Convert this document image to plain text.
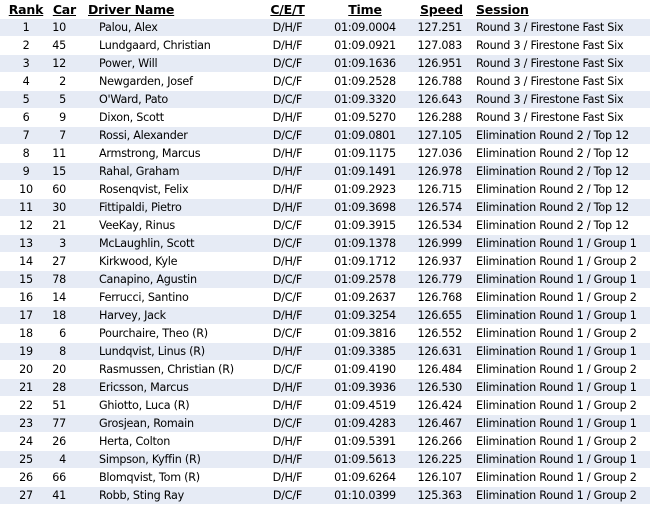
Rank	Car	Driver Name	C/E/T	Time	Speed	Session
1	10	Palou, Alex	D/H/F	01:09.0004	127.251	Round 3 / Firestone Fast Six
2	45	Lundgaard, Christian	D/H/F	01:09.0921	127.083	Round 3 / Firestone Fast Six
3	12	Power, Will	D/C/F	01:09.1636	126.951	Round 3 / Firestone Fast Six
4	2	Newgarden, Josef	D/C/F	01:09.2528	126.788	Round 3 / Firestone Fast Six
5	5	O'Ward, Pato	D/C/F	01:09.3320	126.643	Round 3 / Firestone Fast Six
6	9	Dixon, Scott	D/H/F	01:09.5270	126.288	Round 3 / Firestone Fast Six
7	7	Rossi, Alexander	D/C/F	01:09.0801	127.105	Elimination Round 2 / Top 12
8	11	Armstrong, Marcus	D/H/F	01:09.1175	127.036	Elimination Round 2 / Top 12
9	15	Rahal, Graham	D/H/F	01:09.1491	126.978	Elimination Round 2 / Top 12
10	60	Rosenqvist, Felix	D/H/F	01:09.2923	126.715	Elimination Round 2 / Top 12
11	30	Fittipaldi, Pietro	D/H/F	01:09.3698	126.574	Elimination Round 2 / Top 12
12	21	VeeKay, Rinus	D/C/F	01:09.3915	126.534	Elimination Round 2 / Top 12
13	3	McLaughlin, Scott	D/C/F	01:09.1378	126.999	Elimination Round 1 / Group 1
14	27	Kirkwood, Kyle	D/H/F	01:09.1712	126.937	Elimination Round 1 / Group 2
15	78	Canapino, Agustin	D/C/F	01:09.2578	126.779	Elimination Round 1 / Group 1
16	14	Ferrucci, Santino	D/C/F	01:09.2637	126.768	Elimination Round 1 / Group 2
17	18	Harvey, Jack	D/H/F	01:09.3254	126.655	Elimination Round 1 / Group 1
18	6	Pourchaire, Theo (R)	D/C/F	01:09.3816	126.552	Elimination Round 1 / Group 2
19	8	Lundqvist, Linus (R)	D/H/F	01:09.3385	126.631	Elimination Round 1 / Group 1
20	20	Rasmussen, Christian (R)	D/C/F	01:09.4190	126.484	Elimination Round 1 / Group 2
21	28	Ericsson, Marcus	D/H/F	01:09.3936	126.530	Elimination Round 1 / Group 1
22	51	Ghiotto, Luca (R)	D/H/F	01:09.4519	126.424	Elimination Round 1 / Group 2
23	77	Grosjean, Romain	D/C/F	01:09.4283	126.467	Elimination Round 1 / Group 1
24	26	Herta, Colton	D/H/F	01:09.5391	126.266	Elimination Round 1 / Group 2
25	4	Simpson, Kyffin (R)	D/H/F	01:09.5613	126.225	Elimination Round 1 / Group 1
26	66	Blomqvist, Tom (R)	D/H/F	01:09.6264	126.107	Elimination Round 1 / Group 2
27	41	Robb, Sting Ray	D/C/F	01:10.0399	125.363	Elimination Round 1 / Group 2
